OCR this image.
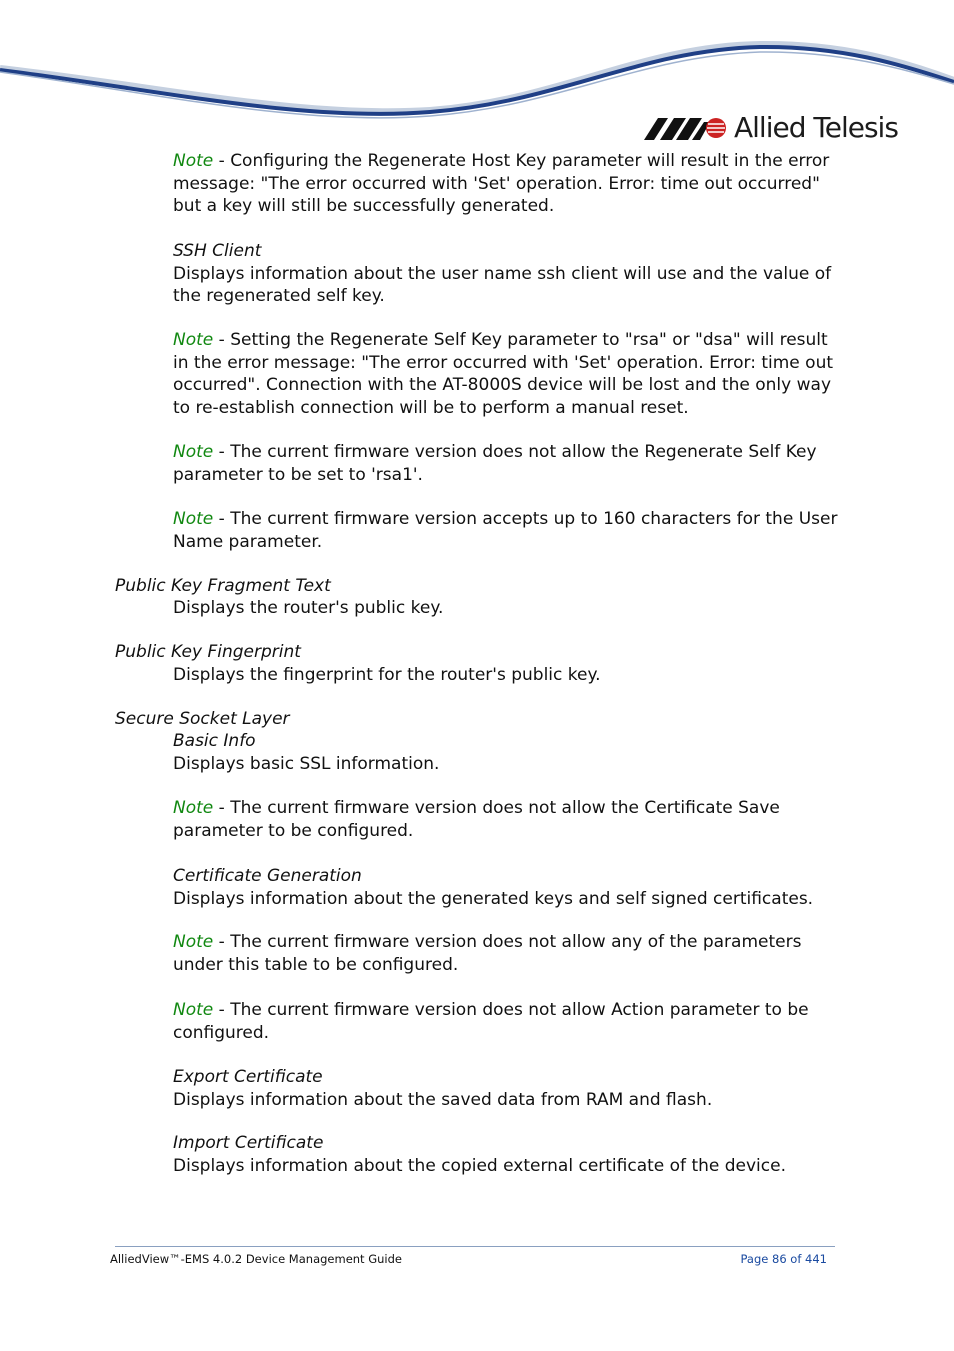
Allied Telesis
Note - Configuring the Regenerate Host Key parameter will result in the error message: "The error occurred with 'Set' operation. Error: time out occurred" but a key will still be successfully generated.
SSH Client
Displays information about the user name ssh client will use and the value of the regenerated self key.
Note - Setting the Regenerate Self Key parameter to "rsa" or "dsa" will result in the error message: "The error occurred with 'Set' operation. Error: time out occurred". Connection with the AT-8000S device will be lost and the only way to re-establish connection will be to perform a manual reset.
Note - The current firmware version does not allow the Regenerate Self Key parameter to be set to 'rsa1'.
Note - The current firmware version accepts up to 160 characters for the User Name parameter.
Public Key Fragment Text
Displays the router's public key.
Public Key Fingerprint
Displays the fingerprint for the router's public key.
Secure Socket Layer
Basic Info
Displays basic SSL information.
Note - The current firmware version does not allow the Certificate Save parameter to be configured.
Certificate Generation
Displays information about the generated keys and self signed certificates.
Note - The current firmware version does not allow any of the parameters under this table to be configured.
Note - The current firmware version does not allow Action parameter to be configured.
Export Certificate
Displays information about the saved data from RAM and flash.
Import Certificate
Displays information about the copied external certificate of the device.
AlliedView™-EMS 4.0.2 Device Management Guide	Page 86 of 441
